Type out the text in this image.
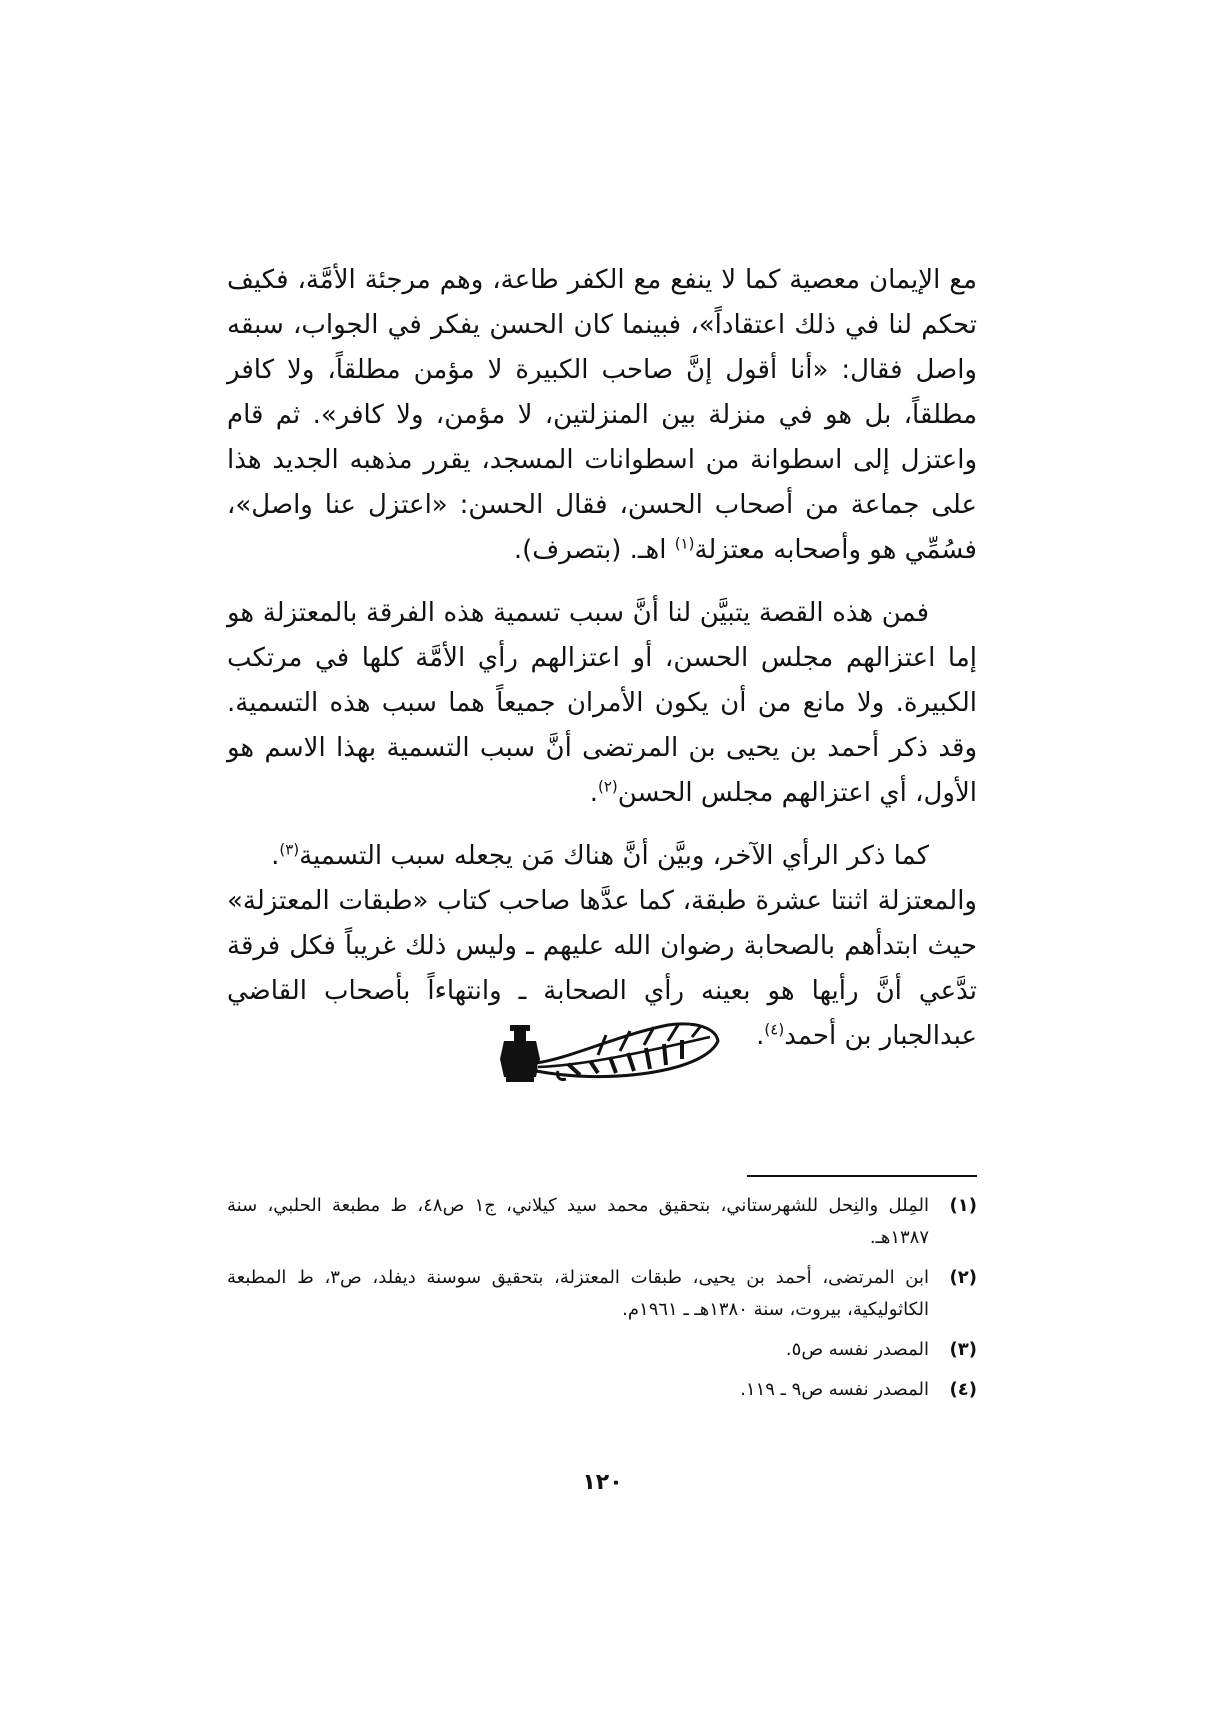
مع الإيمان معصية كما لا ينفع مع الكفر طاعة، وهم مرجئة الأمَّة، فكيف تحكم لنا في ذلك اعتقاداً»، فبينما كان الحسن يفكر في الجواب، سبقه واصل فقال: «أنا أقول إنَّ صاحب الكبيرة لا مؤمن مطلقاً، ولا كافر مطلقاً، بل هو في منزلة بين المنزلتين، لا مؤمن، ولا كافر». ثم قام واعتزل إلى اسطوانة من اسطوانات المسجد، يقرر مذهبه الجديد هذا على جماعة من أصحاب الحسن، فقال الحسن: «اعتزل عنا واصل»، فسُمِّي هو وأصحابه معتزلة$^{(١)}$ اهـ. (بتصرف).

فمن هذه القصة يتبيَّن لنا أنَّ سبب تسمية هذه الفرقة بالمعتزلة هو إما اعتزالهم مجلس الحسن، أو اعتزالهم رأي الأمَّة كلها في مرتكب الكبيرة. ولا مانع من أن يكون الأمران جميعاً هما سبب هذه التسمية. وقد ذكر أحمد بن يحيى بن المرتضى أنَّ سبب التسمية بهذا الاسم هو الأول، أي اعتزالهم مجلس الحسن$^{(٢)}$.

كما ذكر الرأي الآخر، وبيَّن أنَّ هناك مَن يجعله سبب التسمية$^{(٣)}$.

والمعتزلة اثنتا عشرة طبقة، كما عدَّها صاحب كتاب «طبقات المعتزلة» حيث ابتدأهم بالصحابة رضوان الله عليهم ـ وليس ذلك غريباً فكل فرقة تدَّعي أنَّ رأيها هو بعينه رأي الصحابة ـ وانتهاءاً بأصحاب القاضي عبدالجبار بن أحمد$^{(٤)}$.

(١)
المِلل والنِحل للشهرستاني، بتحقيق محمد سيد كيلاني، ج١ ص٤٨، ط مطبعة الحلبي، سنة ١٣٨٧هـ.
(٢)
ابن المرتضى، أحمد بن يحيى، طبقات المعتزلة، بتحقيق سوسنة ديفلد، ص٣، ط المطبعة الكاثوليكية، بيروت، سنة ١٣٨٠هـ ـ ١٩٦١م.
(٣)
المصدر نفسه ص٥.
(٤)
المصدر نفسه ص٩ ـ ١١٩.
١٢٠
